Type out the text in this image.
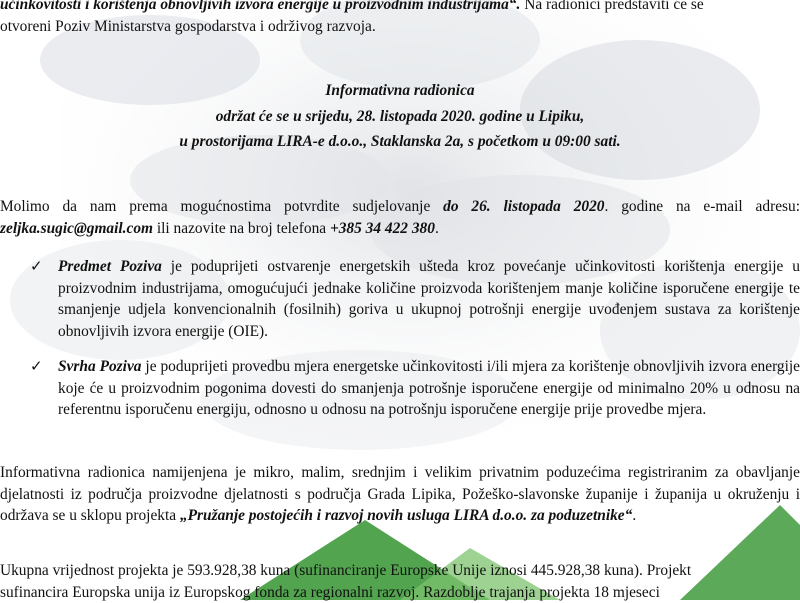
učinkovitosti i korištenja obnovljivih izvora energije u proizvodnim industrijama“. Na radionici predstaviti će se
otvoreni Poziv Ministarstva gospodarstva i održivog razvoja.

Informativna radionica
održat će se u srijedu, 28. listopada 2020. godine u Lipiku,
u prostorijama LIRA-e d.o.o., Staklanska 2a, s početkom u 09:00 sati.

Molimo da nam prema mogućnostima potvrdite sudjelovanje do 26. listopada 2020. godine na e-mail adresu: zeljka.sugic@gmail.com ili nazovite na broj telefona +385 34 422 380.

✓ Predmet Poziva je poduprijeti ostvarenje energetskih ušteda kroz povećanje učinkovitosti korištenja energije u proizvodnim industrijama, omogućujući jednake količine proizvoda korištenjem manje količine isporučene energije te smanjenje udjela konvencionalnih (fosilnih) goriva u ukupnoj potrošnji energije uvođenjem sustava za korištenje obnovljivih izvora energije (OIE).
✓ Svrha Poziva je poduprijeti provedbu mjera energetske učinkovitosti i/ili mjera za korištenje obnovljivih izvora energije koje će u proizvodnim pogonima dovesti do smanjenja potrošnje isporučene energije od minimalno 20% u odnosu na referentnu isporučenu energiju, odnosno u odnosu na potrošnju isporučene energije prije provedbe mjera.

Informativna radionica namijenjena je mikro, malim, srednjim i velikim privatnim poduzećima registriranim za obavljanje djelatnosti iz područja proizvodne djelatnosti s područja Grada Lipika, Požeško-slavonske županije i županija u okruženju i održava se u sklopu projekta „Pružanje postojećih i razvoj novih usluga LIRA d.o.o. za poduzetnike“.

Ukupna vrijednost projekta je 593.928,38 kuna (sufinanciranje Europske Unije iznosi 445.928,38 kuna). Projekt
sufinancira Europska unija iz Europskog fonda za regionalni razvoj. Razdoblje trajanja projekta 18 mjeseci
